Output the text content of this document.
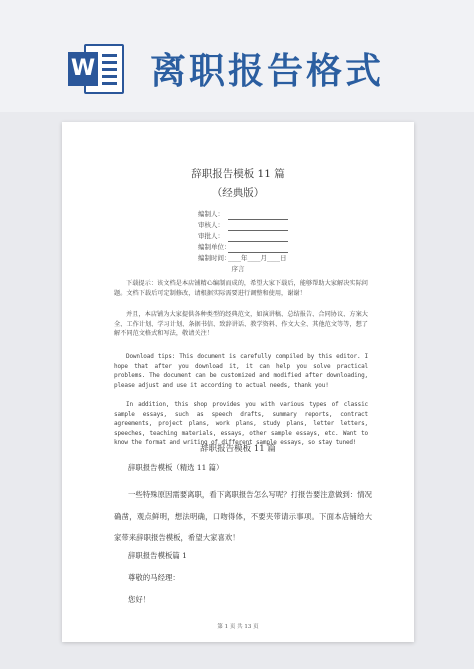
W 离职报告格式
辞职报告模板 11 篇
（经典版）
编制人：
审核人：
审批人：
编制单位：
编制时间：____年____月____日
序言
下载提示：该文档是本店铺精心编制而成的，希望大家下载后，能够帮助大家解决实际问题。文档下载后可定制修改，请根据实际需要进行调整和使用，谢谢！
并且，本店铺为大家提供各种类型的经典范文，如演讲稿、总结报告、合同协议、方案大全、工作计划、学习计划、条据书信、致辞讲话、教学资料、作文大全、其他范文等等，想了解不同范文格式和写法，敬请关注！
Download tips: This document is carefully compiled by this editor. I hope that after you download it, it can help you solve practical problems. The document can be customized and modified after downloading, please adjust and use it according to actual needs, thank you!
In addition, this shop provides you with various types of classic sample essays, such as speech drafts, summary reports, contract agreements, project plans, work plans, study plans, letter letters, speeches, teaching materials, essays, other sample essays, etc. Want to know the format and writing of different sample essays, so stay tuned!
辞职报告模板 11 篇
辞职报告模板（精选 11 篇）
一些特殊原因需要离职，看下离职报告怎么写呢？打报告要注意做到：情况确凿，观点鲜明，想法明确，口吻得体，不要夹带请示事项。下面本店铺给大家带来辞职报告模板，希望大家喜欢！
辞职报告模板篇 1
尊敬的马经理：
您好！
第 1 页 共 13 页
